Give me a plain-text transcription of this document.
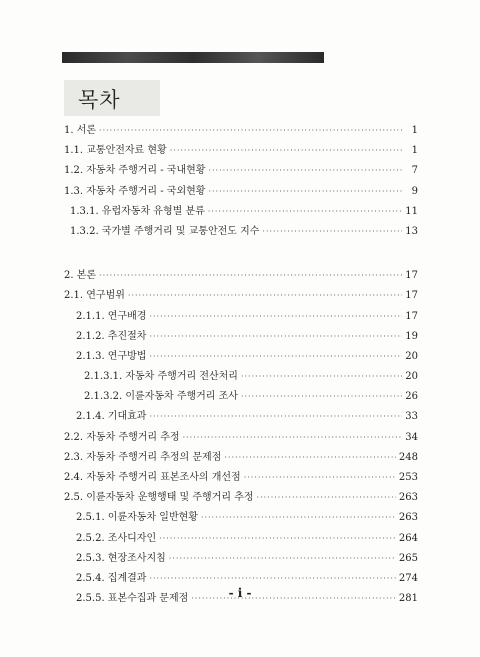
목차
1. 서론 ·····	1
1.1. 교통안전자료 현황 ·····	1
1.2. 자동차 주행거리 - 국내현황 ·····	7
1.3. 자동차 주행거리 - 국외현황 ·····	9
1.3.1. 유럽자동차 유형별 분류 ·····	11
1.3.2. 국가별 주행거리 및 교통안전도 지수 ·····	13
2. 본론 ·····	17
2.1. 연구범위 ·····	17
2.1.1. 연구배경 ·····	17
2.1.2. 추진절차 ·····	19
2.1.3. 연구방법 ·····	20
2.1.3.1. 자동차 주행거리 전산처리 ·····	20
2.1.3.2. 이륜자동차 주행거리 조사 ·····	26
2.1.4. 기대효과 ·····	33
2.2. 자동차 주행거리 추정 ·····	34
2.3. 자동차 주행거리 추정의 문제점 ·····	248
2.4. 자동차 주행거리 표본조사의 개선점 ·····	253
2.5. 이륜자동차 운행행태 및 주행거리 추정 ·····	263
2.5.1. 이륜자동차 일반현황 ·····	263
2.5.2. 조사디자인 ·····	264
2.5.3. 현장조사지침 ·····	265
2.5.4. 집계결과 ·····	274
2.5.5. 표본수집과 문제점 ·····	281
- i -
